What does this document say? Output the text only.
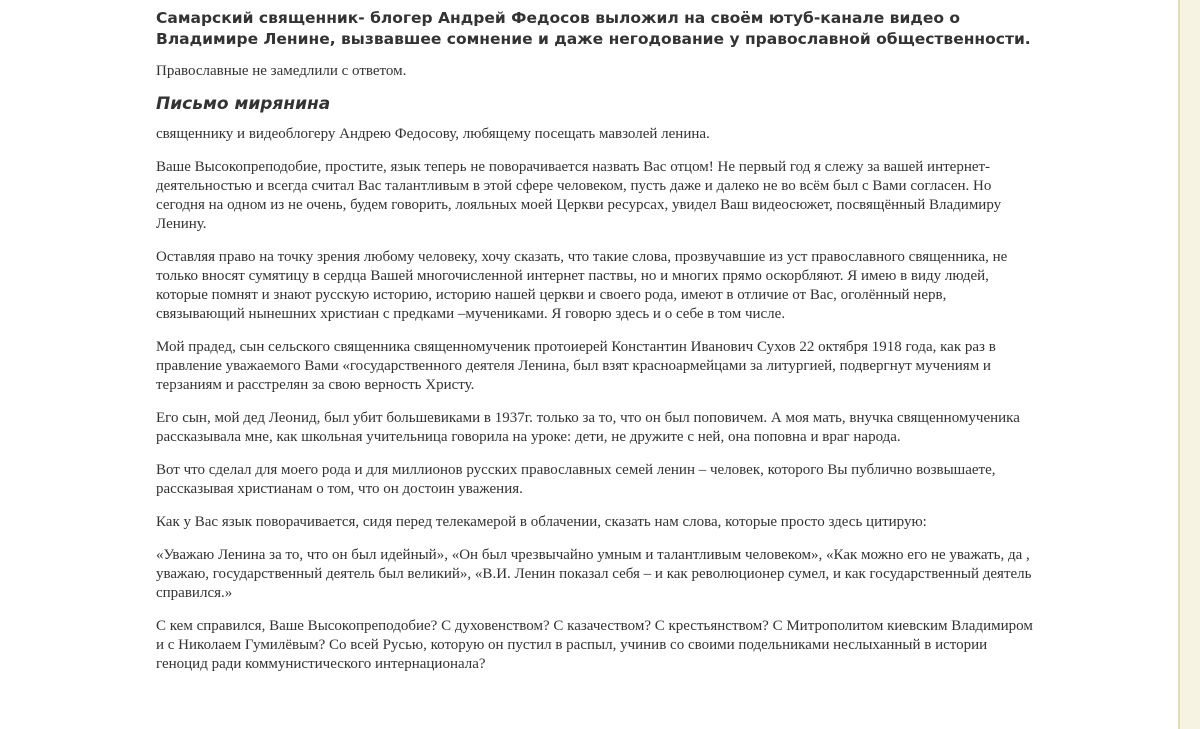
Самарский священник- блогер Андрей Федосов выложил на своём ютуб-канале видео о Владимире Ленине, вызвавшее сомнение и даже негодование у православной общественности.

Православные не замедлили с ответом.

Письмо мирянина

священнику и видеоблогеру Андрею Федосову, любящему посещать мавзолей ленина.

Ваше Высокопреподобие, простите, язык теперь не поворачивается назвать Вас отцом! Не первый год я слежу за вашей интернет-деятельностью и всегда считал Вас талантливым в этой сфере человеком, пусть даже и далеко не во всём был с Вами согласен. Но сегодня на одном из не очень, будем говорить, лояльных моей Церкви ресурсах, увидел Ваш видеосюжет, посвящённый Владимиру Ленину.

Оставляя право на точку зрения любому человеку, хочу сказать, что такие слова, прозвучавшие из уст православного священника, не только вносят сумятицу в сердца Вашей многочисленной интернет паствы, но и многих прямо оскорбляют. Я имею в виду людей, которые помнят и знают русскую историю, историю нашей церкви и своего рода, имеют в отличие от Вас, оголённый нерв, связывающий нынешних христиан с предками –мучениками. Я говорю здесь и о себе в том числе.

Мой прадед, сын сельского священника священномученик протоиерей Константин Иванович Сухов 22 октября 1918 года, как раз в правление уважаемого Вами «государственного деятеля Ленина, был взят красноармейцами за литургией, подвергнут мучениям и терзаниям и расстрелян за свою верность Христу.

Его сын, мой дед Леонид, был убит большевиками в 1937г. только за то, что он был поповичем. А моя мать, внучка священномученика рассказывала мне, как школьная учительница говорила на уроке: дети, не дружите с ней, она поповна и враг народа.

Вот что сделал для моего рода и для миллионов русских православных семей ленин – человек, которого Вы публично возвышаете, рассказывая христианам о том, что он достоин уважения.

Как у Вас язык поворачивается, сидя перед телекамерой в облачении, сказать нам слова, которые просто здесь цитирую:

«Уважаю Ленина за то, что он был идейный», «Он был чрезвычайно умным и талантливым человеком», «Как можно его не уважать, да , уважаю, государственный деятель был великий», «В.И. Ленин показал себя – и как революционер сумел, и как государственный деятель справился.»

С кем справился, Ваше Высокопреподобие? С духовенством? С казачеством? С крестьянством? С Митрополитом киевским Владимиром и с Николаем Гумилёвым? Со всей Русью, которую он пустил в распыл, учинив со своими подельниками неслыханный в истории геноцид ради коммунистического интернационала?
